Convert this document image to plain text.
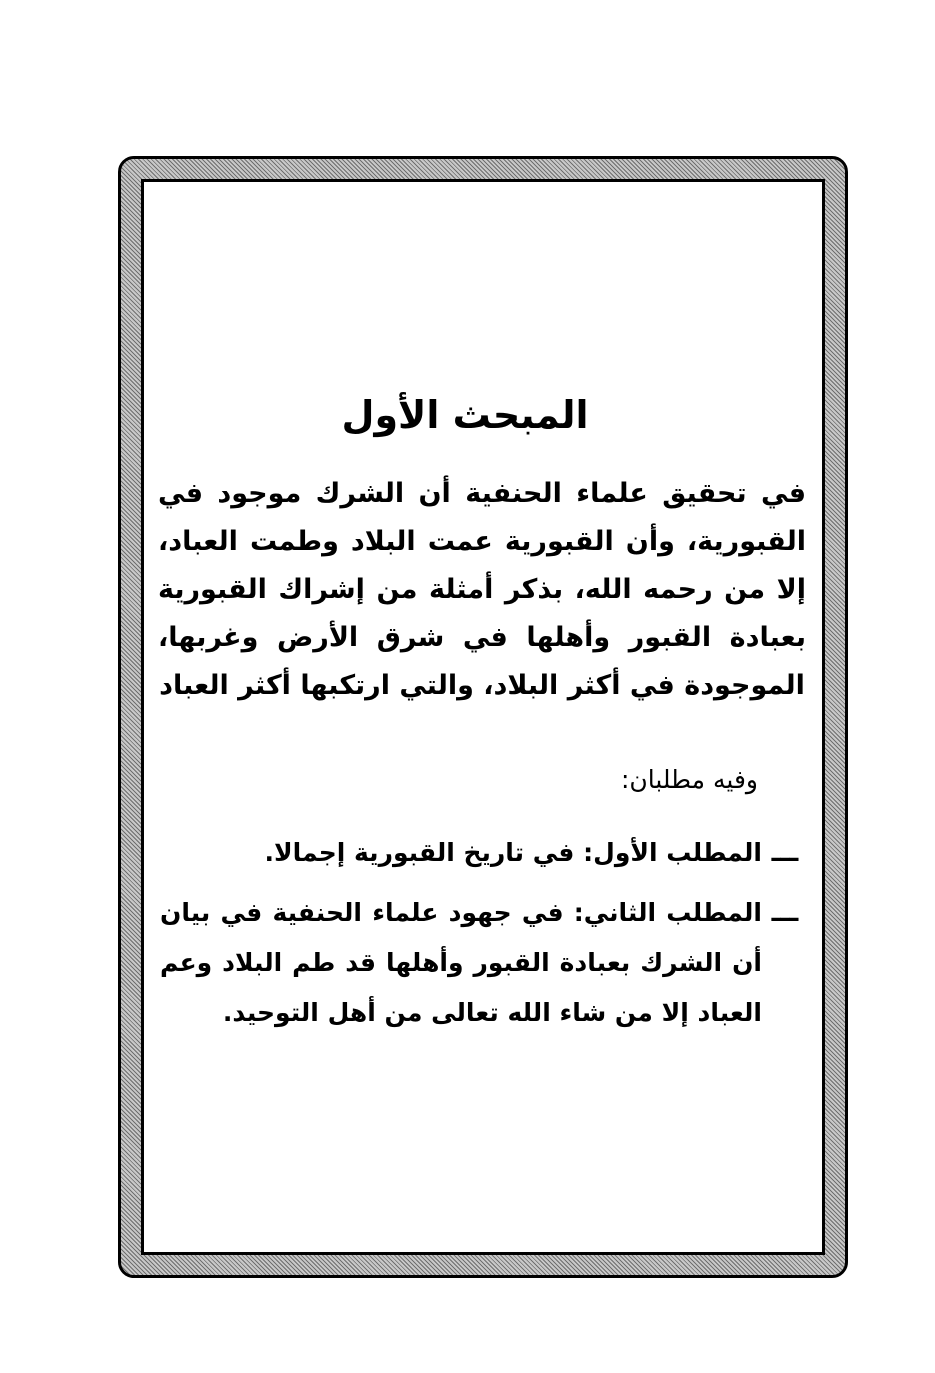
المبحث الأول
في تحقيق علماء الحنفية أن الشرك موجود في القبورية، وأن القبورية عمت البلاد وطمت العباد، إلا من رحمه الله، بذكر أمثلة من إشراك القبورية بعبادة القبور وأهلها في شرق الأرض وغربها، الموجودة في أكثر البلاد، والتي ارتكبها أكثر العباد
وفيه مطلبان:
ـــ
المطلب الأول: في تاريخ القبورية إجمالا.
ـــ
المطلب الثاني: في جهود علماء الحنفية في بيان أن الشرك بعبادة القبور وأهلها قد طم البلاد وعم العباد إلا من شاء الله تعالى من أهل التوحيد.
